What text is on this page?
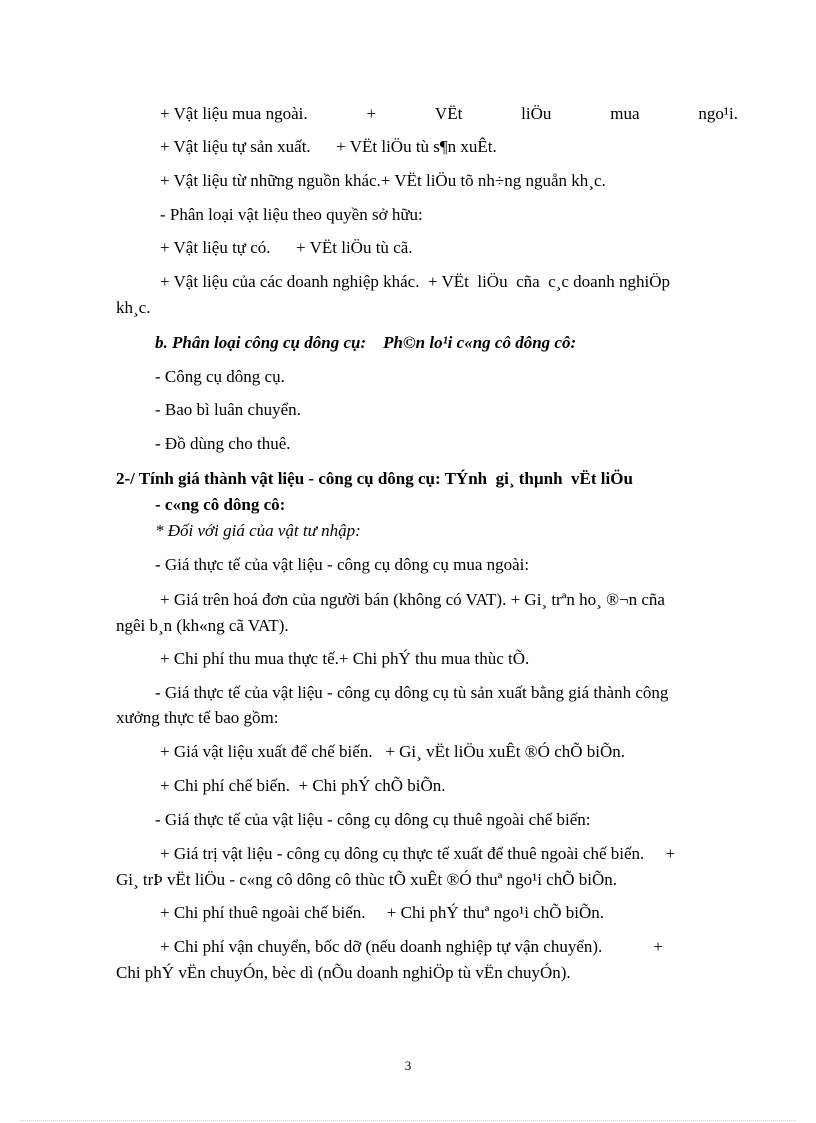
+ Vật liệu mua ngoài.	+	VËt	liÖu	mua	ngo¹i.
+ Vật liệu tự sản xuất.      + VËt liÖu tù s¶n xuÊt.
+ Vật liệu từ những nguồn khác.+ VËt liÖu tõ nh÷ng nguån kh¸c.
- Phân loại vật liệu theo quyền sở hữu:
+ Vật liệu tự có.      + VËt liÖu tù cã.
+ Vật liệu của các doanh nghiệp khác.  + VËt  liÖu  cña  c¸c doanh nghiÖp
kh¸c.
b. Phân loại công cụ dông cụ:    Ph©n lo¹i c«ng cô dông cô:
- Công cụ dông cụ.
- Bao bì luân chuyển.
- Đồ dùng cho thuê.
2-/ Tính giá thành vật liệu - công cụ dông cụ: TÝnh  gi¸ thµnh  vËt liÖu
- c«ng cô dông cô:
* Đối với giá của vật tư nhập:
- Giá thực tế của vật liệu - công cụ dông cụ mua ngoài:
+ Giá trên hoá đơn của người bán (không có VAT). + Gi¸ trªn ho¸ ®¬n cña
ngêi b¸n (kh«ng cã VAT).
+ Chi phí thu mua thực tế.+ Chi phÝ thu mua thùc tÕ.
- Giá thực tế của vật liệu - công cụ dông cụ tù sản xuất bằng giá thành công
xưởng thực tế bao gồm:
+ Giá vật liệu xuất để chế biến.   + Gi¸ vËt liÖu xuÊt ®Ó chÕ biÕn.
+ Chi phí chế biến.  + Chi phÝ chÕ biÕn.
- Giá thực tế của vật liệu - công cụ dông cụ thuê ngoài chế biến:
+ Giá trị vật liệu - công cụ dông cụ thực tế xuất để thuê ngoài chế biến.     +
Gi¸ trÞ vËt liÖu - c«ng cô dông cô thùc tÕ xuÊt ®Ó thuª ngo¹i chÕ biÕn.
+ Chi phí thuê ngoài chế biến.     + Chi phÝ thuª ngo¹i chÕ biÕn.
+ Chi phí vận chuyển, bốc dỡ (nếu doanh nghiệp tự vận chuyển).            +
Chi phÝ vËn chuyÓn, bèc dì (nÕu doanh nghiÖp tù vËn chuyÓn).
3
